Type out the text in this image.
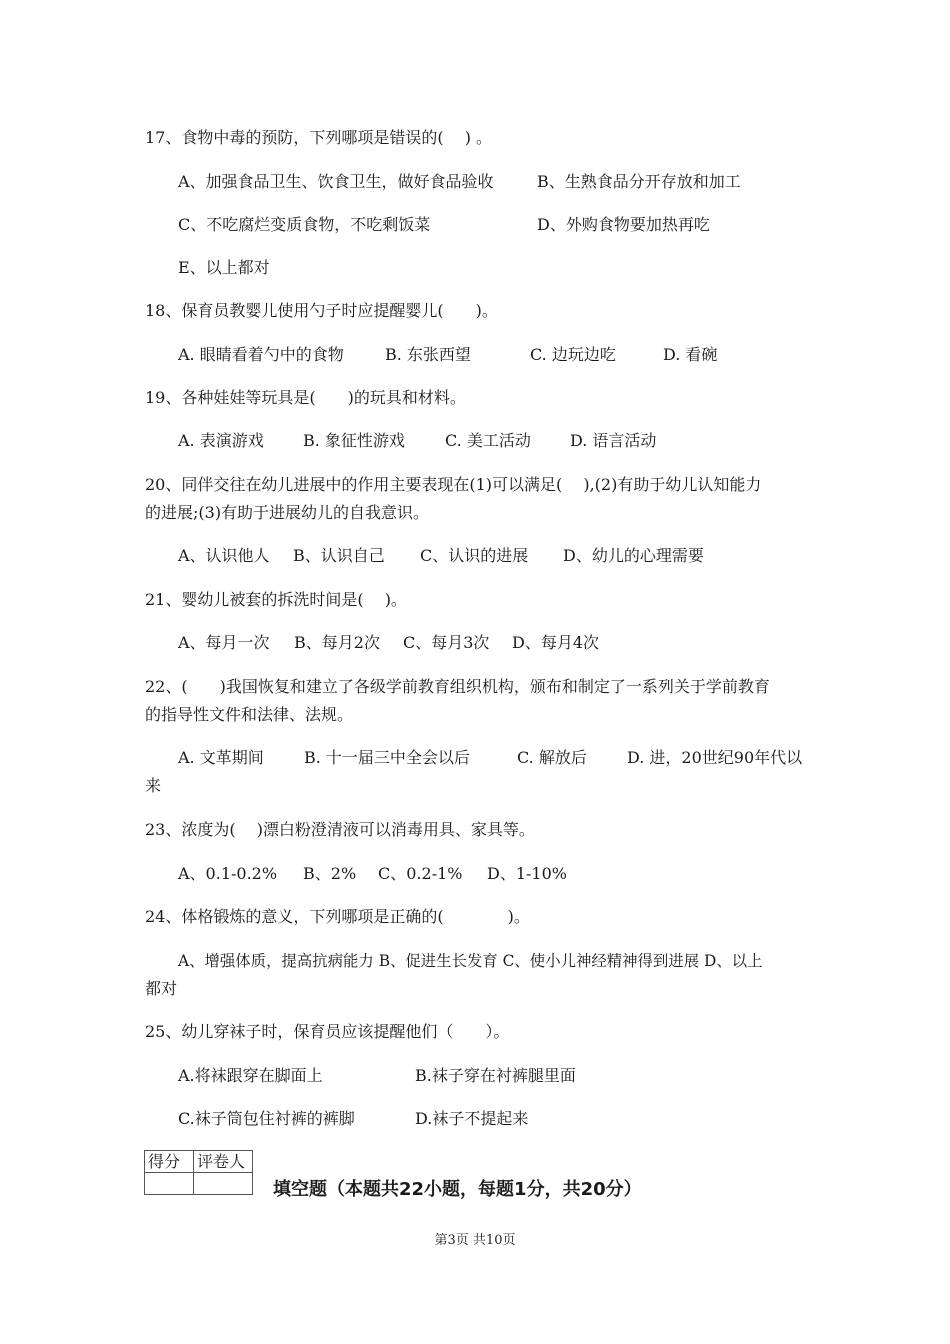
17、食物中毒的预防，下列哪项是错误的(　 ) 。
A、加强食品卫生、饮食卫生，做好食品验收	B、生熟食品分开存放和加工
C、不吃腐烂变质食物，不吃剩饭菜	D、外购食物要加热再吃
E、以上都对
18、保育员教婴儿使用勺子时应提醒婴儿(　　)。
A. 眼睛看着勺中的食物	B. 东张西望	C. 边玩边吃	D. 看碗
19、各种娃娃等玩具是(　　)的玩具和材料。
A. 表演游戏 B. 象征性游戏	C. 美工活动 D. 语言活动
20、同伴交往在幼儿进展中的作用主要表现在(1)可以满足(　 ),(2)有助于幼儿认知能力
的进展;(3)有助于进展幼儿的自我意识。
A、认识他人 B、认识自己 C、认识的进展 D、幼儿的心理需要
21、婴幼儿被套的拆洗时间是(　 )。
A、每月一次 B、每月2次 C、每月3次 D、每月4次
22、(　　)我国恢复和建立了各级学前教育组织机构，颁布和制定了一系列关于学前教育
的指导性文件和法律、法规。
A. 文革期间	B. 十一届三中全会以后	C. 解放后	D. 进，20世纪90年代以
来
23、浓度为(　 )漂白粉澄清液可以消毒用具、家具等。
A、0.1-0.2% B、2% C、0.2-1% D、1-10%
24、体格锻炼的意义，下列哪项是正确的(　　　　)。
A、增强体质，提高抗病能力 B、促进生长发育 C、使小儿神经精神得到进展 D、以上
都对
25、幼儿穿袜子时，保育员应该提醒他们（　　）。
A.将袜跟穿在脚面上	B.袜子穿在衬裤腿里面
C.袜子筒包住衬裤的裤脚	D.袜子不提起来
得分	评卷人

填空题（本题共22小题，每题1分，共20分）
第3页 共10页
